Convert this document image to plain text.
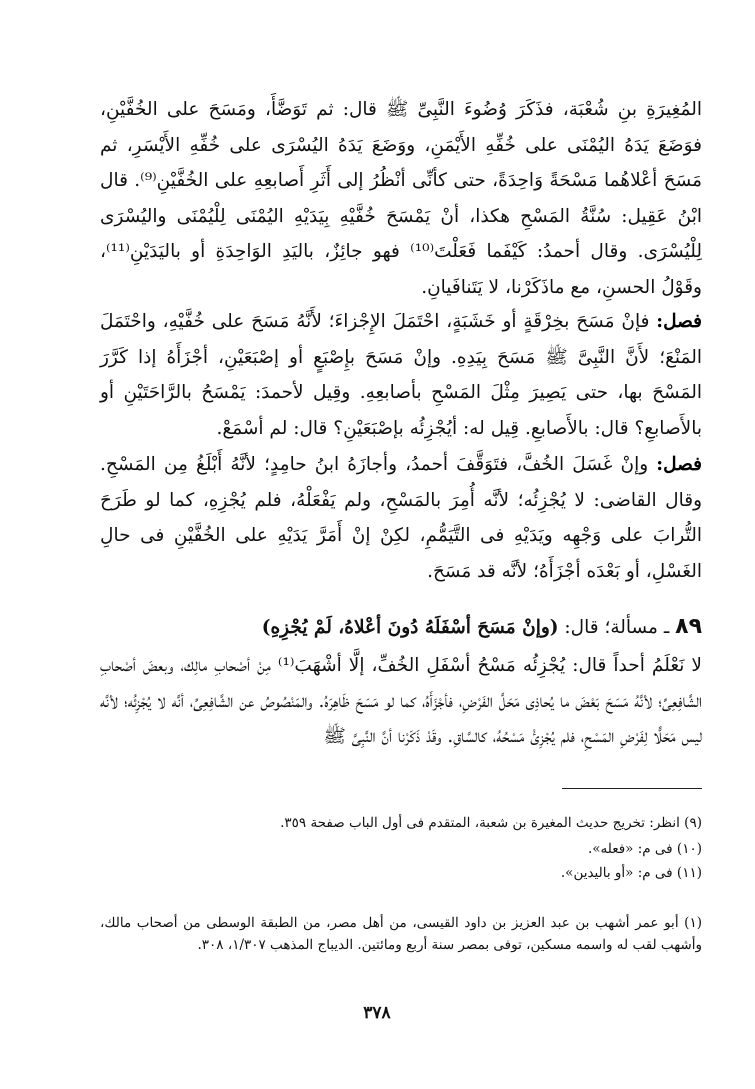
المُغِيرَةِ بنِ شُعْبَة، فذَكَرَ وُضُوءَ النَّبِىِّ ﷺ قال: ثم تَوَضَّأَ، ومَسَحَ على الخُفَّيْنِ، فوَضَعَ يَدَهُ اليُمْنَى على خُفِّهِ الأَيْمَنِ، ووَضَعَ يَدَهُ اليُسْرَى على خُفِّهِ الأَيْسَرِ، ثم مَسَحَ أعْلاهُما مَسْحَةً وَاحِدَةً، حتى كأنِّى أنْظُرُ إلى أَثَرِ أَصابعِهِ على الخُفَّيْنِ⁽⁹⁾. قال ابْنُ عَقِيل: سُنَّةُ المَسْحِ هكذا، أنْ يَمْسَحَ خُفَّيْهِ بِيَدَيْهِ اليُمْنَى لِلْيُمْنَى واليُسْرَى لِلْيُسْرَى. وقال أحمدُ: كَيْفَما فَعَلْتَ⁽¹⁰⁾ فهو جائِزٌ، باليَدِ الوَاحِدَةِ أو باليَدَيْنِ⁽¹¹⁾، وقَوْلُ الحسنِ، مع ماذَكَرْنا، لا يَتَنافَيانِ.

فصل: فإنْ مَسَحَ بخِرْقَةٍ أو خَشَبَةٍ، احْتَمَلَ الإِجْزاءَ؛ لأَنَّهُ مَسَحَ على خُفَّيْهِ، واحْتَمَلَ المَنْعَ؛ لأَنَّ النَّبِىَّ ﷺ مَسَحَ بِيَدِهِ. وإنْ مَسَحَ بإِصْبَعٍ أو إصْبَعَيْنِ، أجْزَأَهُ إذا كَرَّرَ المَسْحَ بها، حتى يَصِيرَ مِثْلَ المَسْحِ بأصابعِهِ. وقِيل لأحمدَ: يَمْسَحُ بالرَّاحَتَيْنِ أو بالأَصابعِ؟ قال: بالأَصابعِ. قِيل له: أيُجْزِئُه بإصْبَعَيْنِ؟ قال: لم أسْمَعْ.

فصل: وإنْ غَسَلَ الخُفَّ، فتَوَقَّفَ أحمدُ، وأجازَهُ ابنُ حامِدٍ؛ لأنَّهُ أَبْلَغُ مِن المَسْحِ. وقال القاضى: لا يُجْزِئُه؛ لأنَّه أُمِرَ بالمَسْحِ، ولم يَفْعَلْهُ، فلم يُجْزِهِ، كما لو طَرَحَ التُّرابَ على وَجْهِه ويَدَيْهِ فى التَّيَمُّمِ، لكِنْ إنْ أَمَرَّ يَدَيْهِ على الخُفَّيْنِ فى حالِ الغَسْلِ، أو بَعْدَه أجْزَأَهُ؛ لأنَّه قد مَسَحَ.

٨٩ ـ مسألة؛ قال: (وإنْ مَسَحَ أسْفَلَهُ دُونَ أعْلاهُ، لَمْ يُجْزِهِ)

لا نَعْلَمُ أحداً قال: يُجْزِئُه مَسْحُ أسْفَلِ الخُفِّ، إلَّا أشْهَبَ⁽¹⁾ مِنْ أصْحابِ مالِك، وبعضَ أصْحابِ الشَّافِعِىِّ؛ لأنَّهُ مَسَحَ بَعْضَ ما يُحاذِى مَحَلَّ الفَرْضِ، فأجْزَأَهُ، كما لو مَسَحَ ظَاهِرَهُ. والمَنْصُوصُ عن الشَّافِعِىِّ، أنَّه لا يُجْزِئُه؛ لأنَّه ليس مَحَلًّا لِفَرْضِ المَسْحِ، فلم يُجْزِئْ مَسْحُهُ، كالسَّاقِ. وقَدْ ذَكَرْنا أنَّ النَّبِىَّ ﷺ

(٩) انظر: تخريج حديث المغيرة بن شعبة، المتقدم فى أول الباب صفحة ٣٥٩.

(١٠) فى م: «فعله».

(١١) فى م: «أو باليدين».

(١) أبو عمر أشهب بن عبد العزيز بن داود القيسى، من أهل مصر، من الطبقة الوسطى من أصحاب مالك، وأشهب لقب له واسمه مسكين، توفى بمصر سنة أربع ومائتين. الديباج المذهب ١/٣٠٧، ٣٠٨.

٣٧٨
